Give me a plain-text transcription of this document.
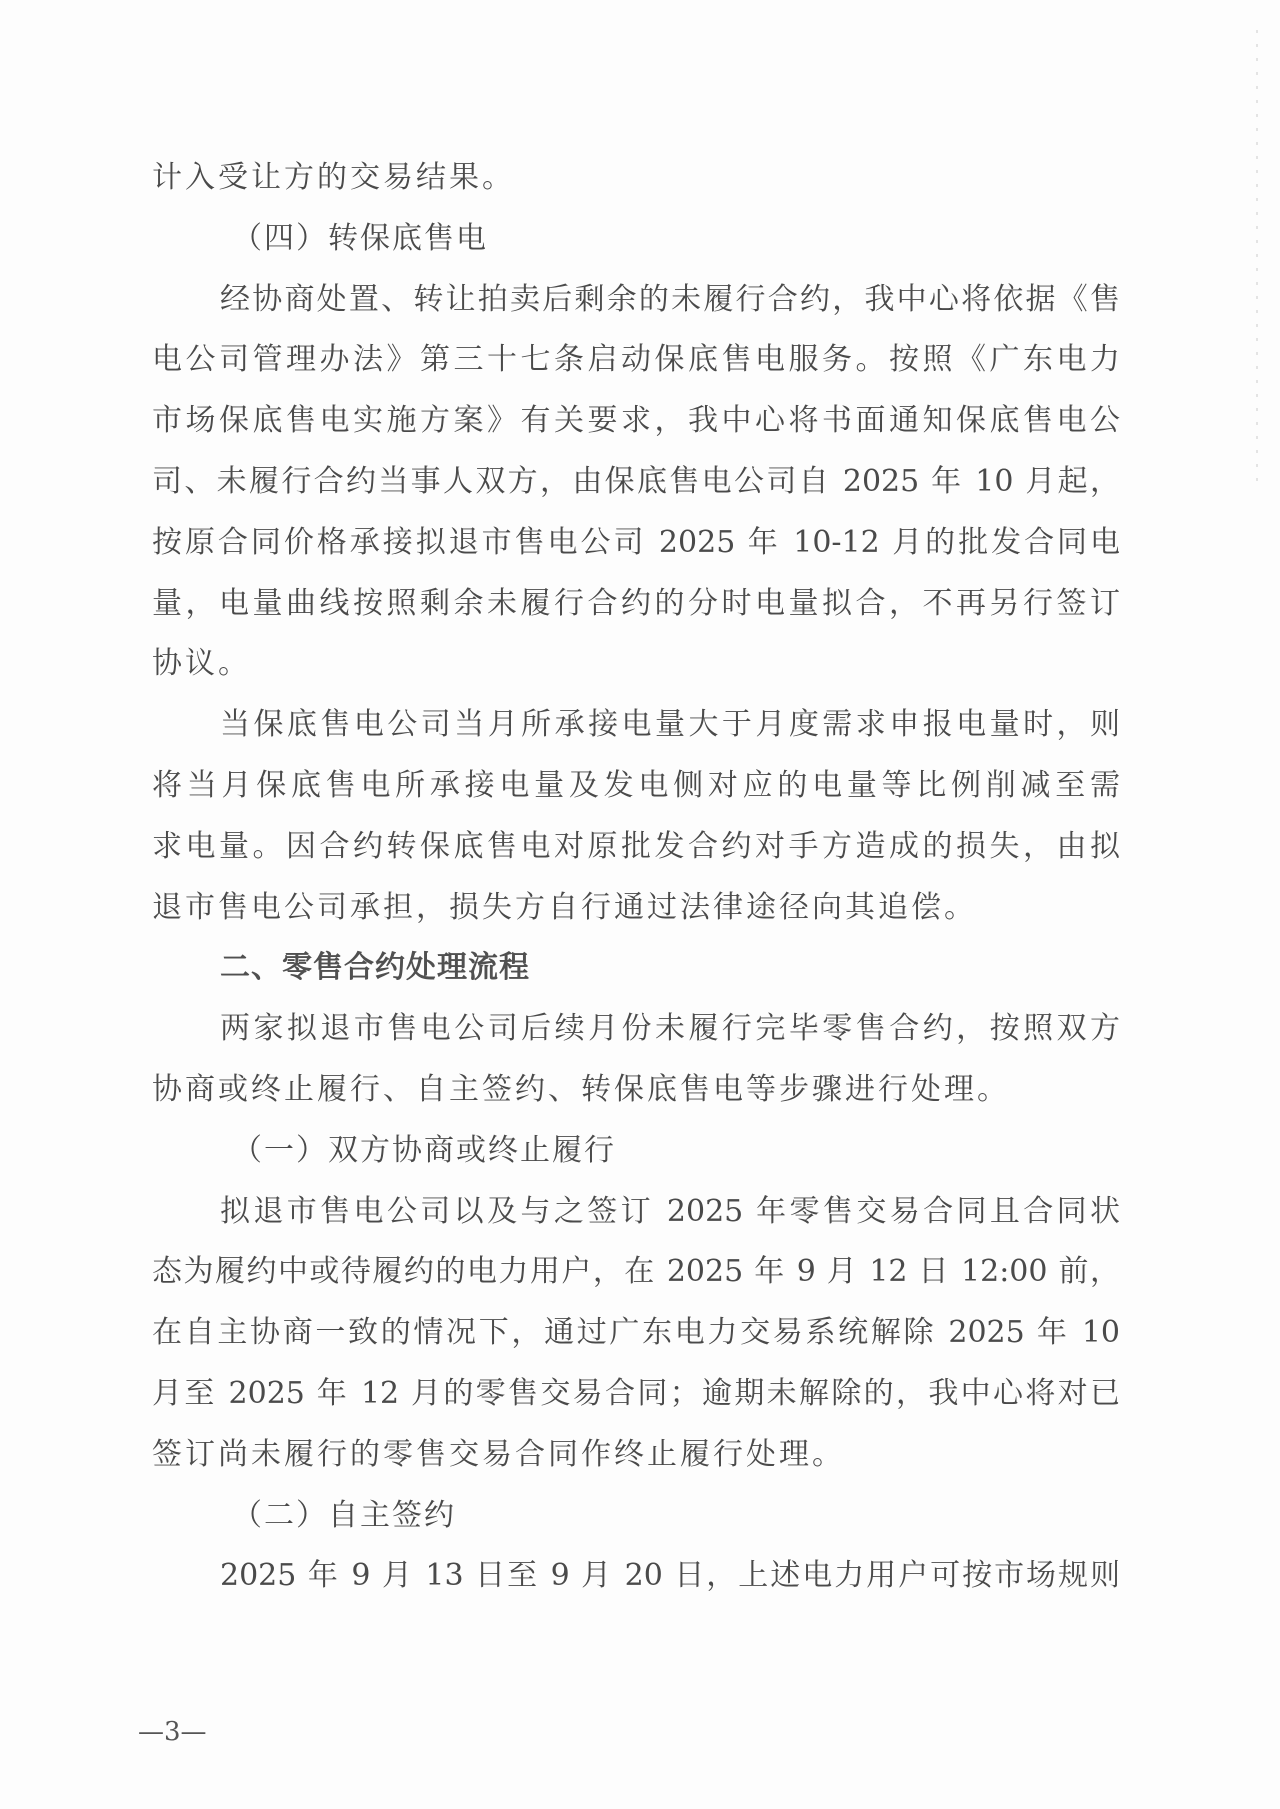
计入受让方的交易结果。
（四）转保底售电
经协商处置、转让拍卖后剩余的未履行合约，我中心将依据《售
电公司管理办法》第三十七条启动保底售电服务。按照《广东电力
市场保底售电实施方案》有关要求，我中心将书面通知保底售电公
司、未履行合约当事人双方，由保底售电公司自 2025 年 10 月起，
按原合同价格承接拟退市售电公司 2025 年 10-12 月的批发合同电
量，电量曲线按照剩余未履行合约的分时电量拟合，不再另行签订
协议。
当保底售电公司当月所承接电量大于月度需求申报电量时，则
将当月保底售电所承接电量及发电侧对应的电量等比例削减至需
求电量。因合约转保底售电对原批发合约对手方造成的损失，由拟
退市售电公司承担，损失方自行通过法律途径向其追偿。
二、零售合约处理流程
两家拟退市售电公司后续月份未履行完毕零售合约，按照双方
协商或终止履行、自主签约、转保底售电等步骤进行处理。
（一）双方协商或终止履行
拟退市售电公司以及与之签订 2025 年零售交易合同且合同状
态为履约中或待履约的电力用户，在 2025 年 9 月 12 日 12:00 前，
在自主协商一致的情况下，通过广东电力交易系统解除 2025 年 10
月至 2025 年 12 月的零售交易合同；逾期未解除的，我中心将对已
签订尚未履行的零售交易合同作终止履行处理。
（二）自主签约
2025 年 9 月 13 日至 9 月 20 日，上述电力用户可按市场规则
—3—
